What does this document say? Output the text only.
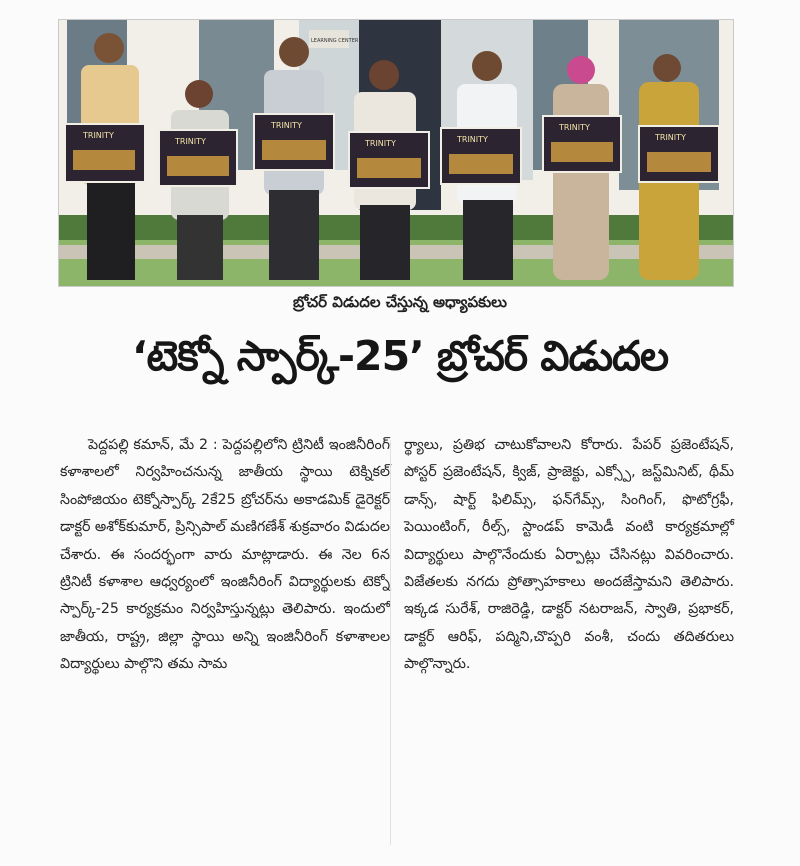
LEARNING CENTER
TRINITY
TRINITY
TRINITY
TRINITY	TRINITY
TRINITY
TRINITY
బ్రోచర్ విడుదల చేస్తున్న అధ్యాపకులు
‘టెక్నో స్పార్క్-25’ బ్రోచర్ విడుదల
పెద్దపల్లి కమాన్, మే 2 : పెద్దపల్లిలోని ట్రినిటీ ఇంజినీరింగ్ కళాశాలలో నిర్వహించనున్న జాతీయ స్థాయి టెక్నికల్ సింపోజియం టెక్నోస్పార్క్ 2కే25 బ్రోచర్‌ను అకాడమిక్ డైరెక్టర్ డాక్టర్ అశోక్‌కుమార్, ప్రిన్సిపాల్ మణిగణేశ్ శుక్రవారం విడుదల చేశారు. ఈ సందర్భంగా వారు మాట్లాడారు. ఈ నెల 6న ట్రినిటీ కళాశాల ఆధ్వర్యంలో ఇంజినీరింగ్ విద్యార్థులకు టెక్నో స్పార్క్-25 కార్యక్రమం నిర్వహిస్తున్నట్లు తెలిపారు. ఇందులో జాతీయ, రాష్ట్ర, జిల్లా స్థాయి అన్ని ఇంజినీరింగ్ కళాశాలల విద్యార్థులు పాల్గొని తమ సామ
ర్థ్యాలు, ప్రతిభ చాటుకోవాలని కోరారు. పేపర్ ప్రజెంటేషన్, పోస్టర్ ప్రజెంటేషన్, క్విజ్, ప్రాజెక్టు, ఎక్స్పో, జస్ట్‌మినిట్, థీమ్ డాన్స్, షార్ట్ ఫిలిమ్స్, ఫన్‌గేమ్స్, సింగింగ్, ఫొటోగ్రఫీ, పెయింటింగ్, రీల్స్, స్టాండప్ కామెడీ వంటి కార్యక్రమాల్లో విద్యార్థులు పాల్గొనేందుకు ఏర్పాట్లు చేసినట్లు వివరించారు. విజేతలకు నగదు ప్రోత్సాహకాలు అందజేస్తామని తెలిపారు. ఇక్కడ సురేశ్, రాజిరెడ్డి, డాక్టర్ నటరాజన్, స్వాతి, ప్రభాకర్, డాక్టర్ ఆరిఫ్, పద్మిని,చొప్పరి వంశీ, చందు తదితరులు పాల్గొన్నారు.
